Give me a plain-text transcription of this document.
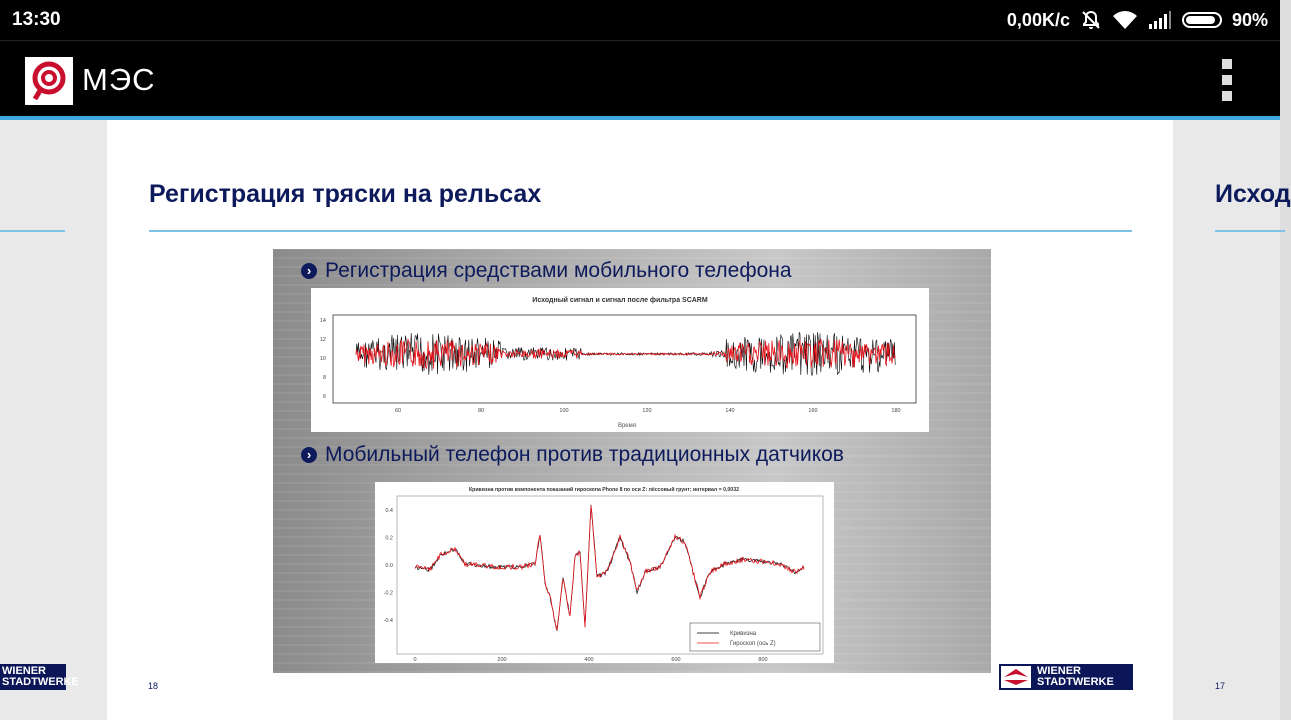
13:30	0,00K/c	90%
МЭС
WIENER
STADTWERKE
Регистрация тряски на рельсах
› Регистрация средствами мобильного телефона
Исходный сигнал и сигнал после фильтра SCARM
6
8
10
12
14
60	80	100	120	140	160	180
Время
› Мобильный телефон против традиционных датчиков
Кривизна против компонента показаний гироскопа Phone 8 по оси Z: лёссовый грунт; интервал = 0,0032
0.4
0.2
0.0
-0.2
-0.4
0	200	400	600	800
Кривизна
Гироскоп (ось Z)
18
WIENER
STADTWERKE
Исход
17
